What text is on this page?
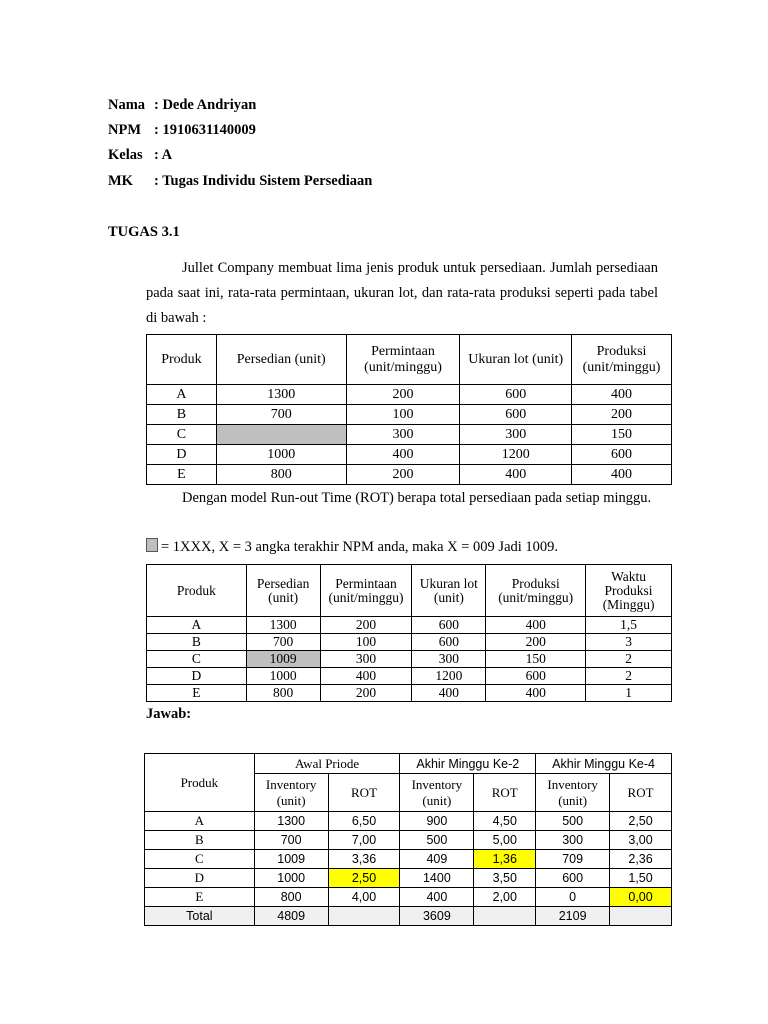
Nama : Dede Andriyan
NPM : 1910631140009
Kelas : A
MK : Tugas Individu Sistem Persediaan
TUGAS 3.1
Jullet Company membuat lima jenis produk untuk persediaan. Jumlah persediaan pada saat ini, rata-rata permintaan, ukuran lot, dan rata-rata produksi seperti pada tabel di bawah :
Produk	Persedian (unit)	Permintaan (unit/minggu)	Ukuran lot (unit)	Produksi (unit/minggu)
A	1300	200	600	400
B	700	100	600	200
C		300	300	150
D	1000	400	1200	600
E	800	200	400	400
Dengan model Run-out Time (ROT) berapa total persediaan pada setiap minggu.
= 1XXX, X = 3 angka terakhir NPM anda, maka X = 009 Jadi 1009.
Produk	Persedian (unit)	Permintaan (unit/minggu)	Ukuran lot (unit)	Produksi (unit/minggu)	Waktu Produksi (Minggu)
A	1300	200	600	400	1,5
B	700	100	600	200	3
C	1009	300	300	150	2
D	1000	400	1200	600	2
E	800	200	400	400	1
Jawab:
Produk	Awal Priode		Akhir Minggu Ke-2		Akhir Minggu Ke-4	
	Inventory (unit)	ROT	Inventory (unit)	ROT	Inventory (unit)	ROT
A	1300	6,50	900	4,50	500	2,50
B	700	7,00	500	5,00	300	3,00
C	1009	3,36	409	1,36	709	2,36
D	1000	2,50	1400	3,50	600	1,50
E	800	4,00	400	2,00	0	0,00
Total	4809		3609		2109	
